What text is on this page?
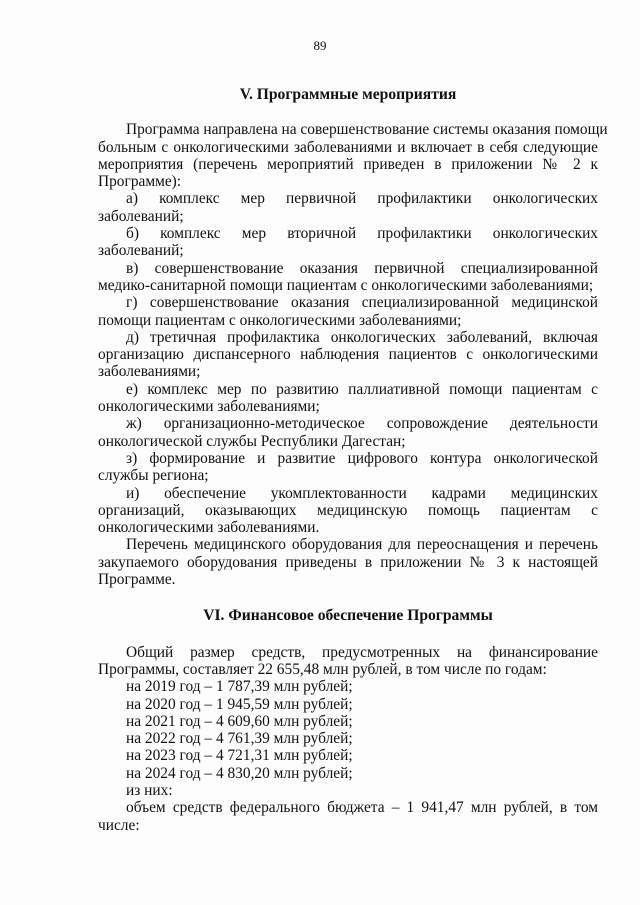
89
V. Программные мероприятия
Программа направлена на совершенствование системы оказания помощи
больным с онкологическими заболеваниями и включает в себя следующие
мероприятия (перечень мероприятий приведен в приложении № 2 к
Программе):
а) комплекс мер первичной профилактики онкологических
заболеваний;
б) комплекс мер вторичной профилактики онкологических
заболеваний;
в) совершенствование оказания первичной специализированной
медико-санитарной помощи пациентам с онкологическими заболеваниями;
г) совершенствование оказания специализированной медицинской
помощи пациентам с онкологическими заболеваниями;
д) третичная профилактика онкологических заболеваний, включая
организацию диспансерного наблюдения пациентов с онкологическими
заболеваниями;
е) комплекс мер по развитию паллиативной помощи пациентам с
онкологическими заболеваниями;
ж) организационно-методическое сопровождение деятельности
онкологической службы Республики Дагестан;
з) формирование и развитие цифрового контура онкологической
службы региона;
и) обеспечение укомплектованности кадрами медицинских
организаций, оказывающих медицинскую помощь пациентам с
онкологическими заболеваниями.
Перечень медицинского оборудования для переоснащения и перечень
закупаемого оборудования приведены в приложении № 3 к настоящей
Программе.
VI. Финансовое обеспечение Программы
Общий размер средств, предусмотренных на финансирование
Программы, составляет 22 655,48 млн рублей, в том числе по годам:
на 2019 год – 1 787,39 млн рублей;
на 2020 год – 1 945,59 млн рублей;
на 2021 год – 4 609,60 млн рублей;
на 2022 год – 4 761,39 млн рублей;
на 2023 год – 4 721,31 млн рублей;
на 2024 год – 4 830,20 млн рублей;
из них:
объем средств федерального бюджета – 1 941,47 млн рублей, в том
числе:
